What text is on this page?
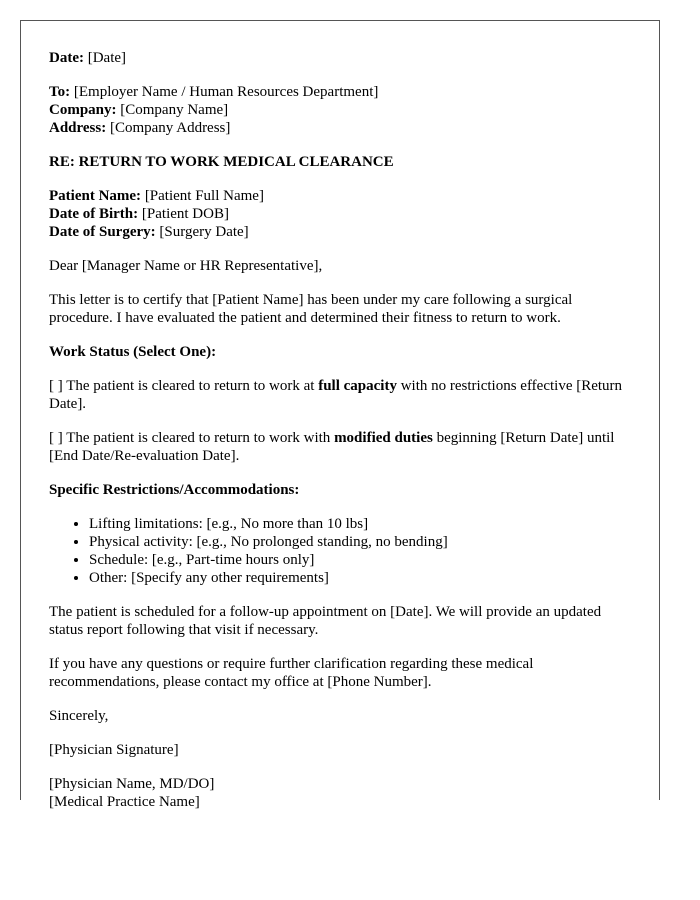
Date: [Date]

To: [Employer Name / Human Resources Department]
Company: [Company Name]
Address: [Company Address]

RE: RETURN TO WORK MEDICAL CLEARANCE

Patient Name: [Patient Full Name]
Date of Birth: [Patient DOB]
Date of Surgery: [Surgery Date]

Dear [Manager Name or HR Representative],

This letter is to certify that [Patient Name] has been under my care following a surgical procedure. I have evaluated the patient and determined their fitness to return to work.

Work Status (Select One):

[ ] The patient is cleared to return to work at full capacity with no restrictions effective [Return Date].

[ ] The patient is cleared to return to work with modified duties beginning [Return Date] until [End Date/Re-evaluation Date].

Specific Restrictions/Accommodations:

• Lifting limitations: [e.g., No more than 10 lbs]
• Physical activity: [e.g., No prolonged standing, no bending]
• Schedule: [e.g., Part-time hours only]
• Other: [Specify any other requirements]

The patient is scheduled for a follow-up appointment on [Date]. We will provide an updated status report following that visit if necessary.

If you have any questions or require further clarification regarding these medical recommendations, please contact my office at [Phone Number].

Sincerely,

[Physician Signature]

[Physician Name, MD/DO]
[Medical Practice Name]
